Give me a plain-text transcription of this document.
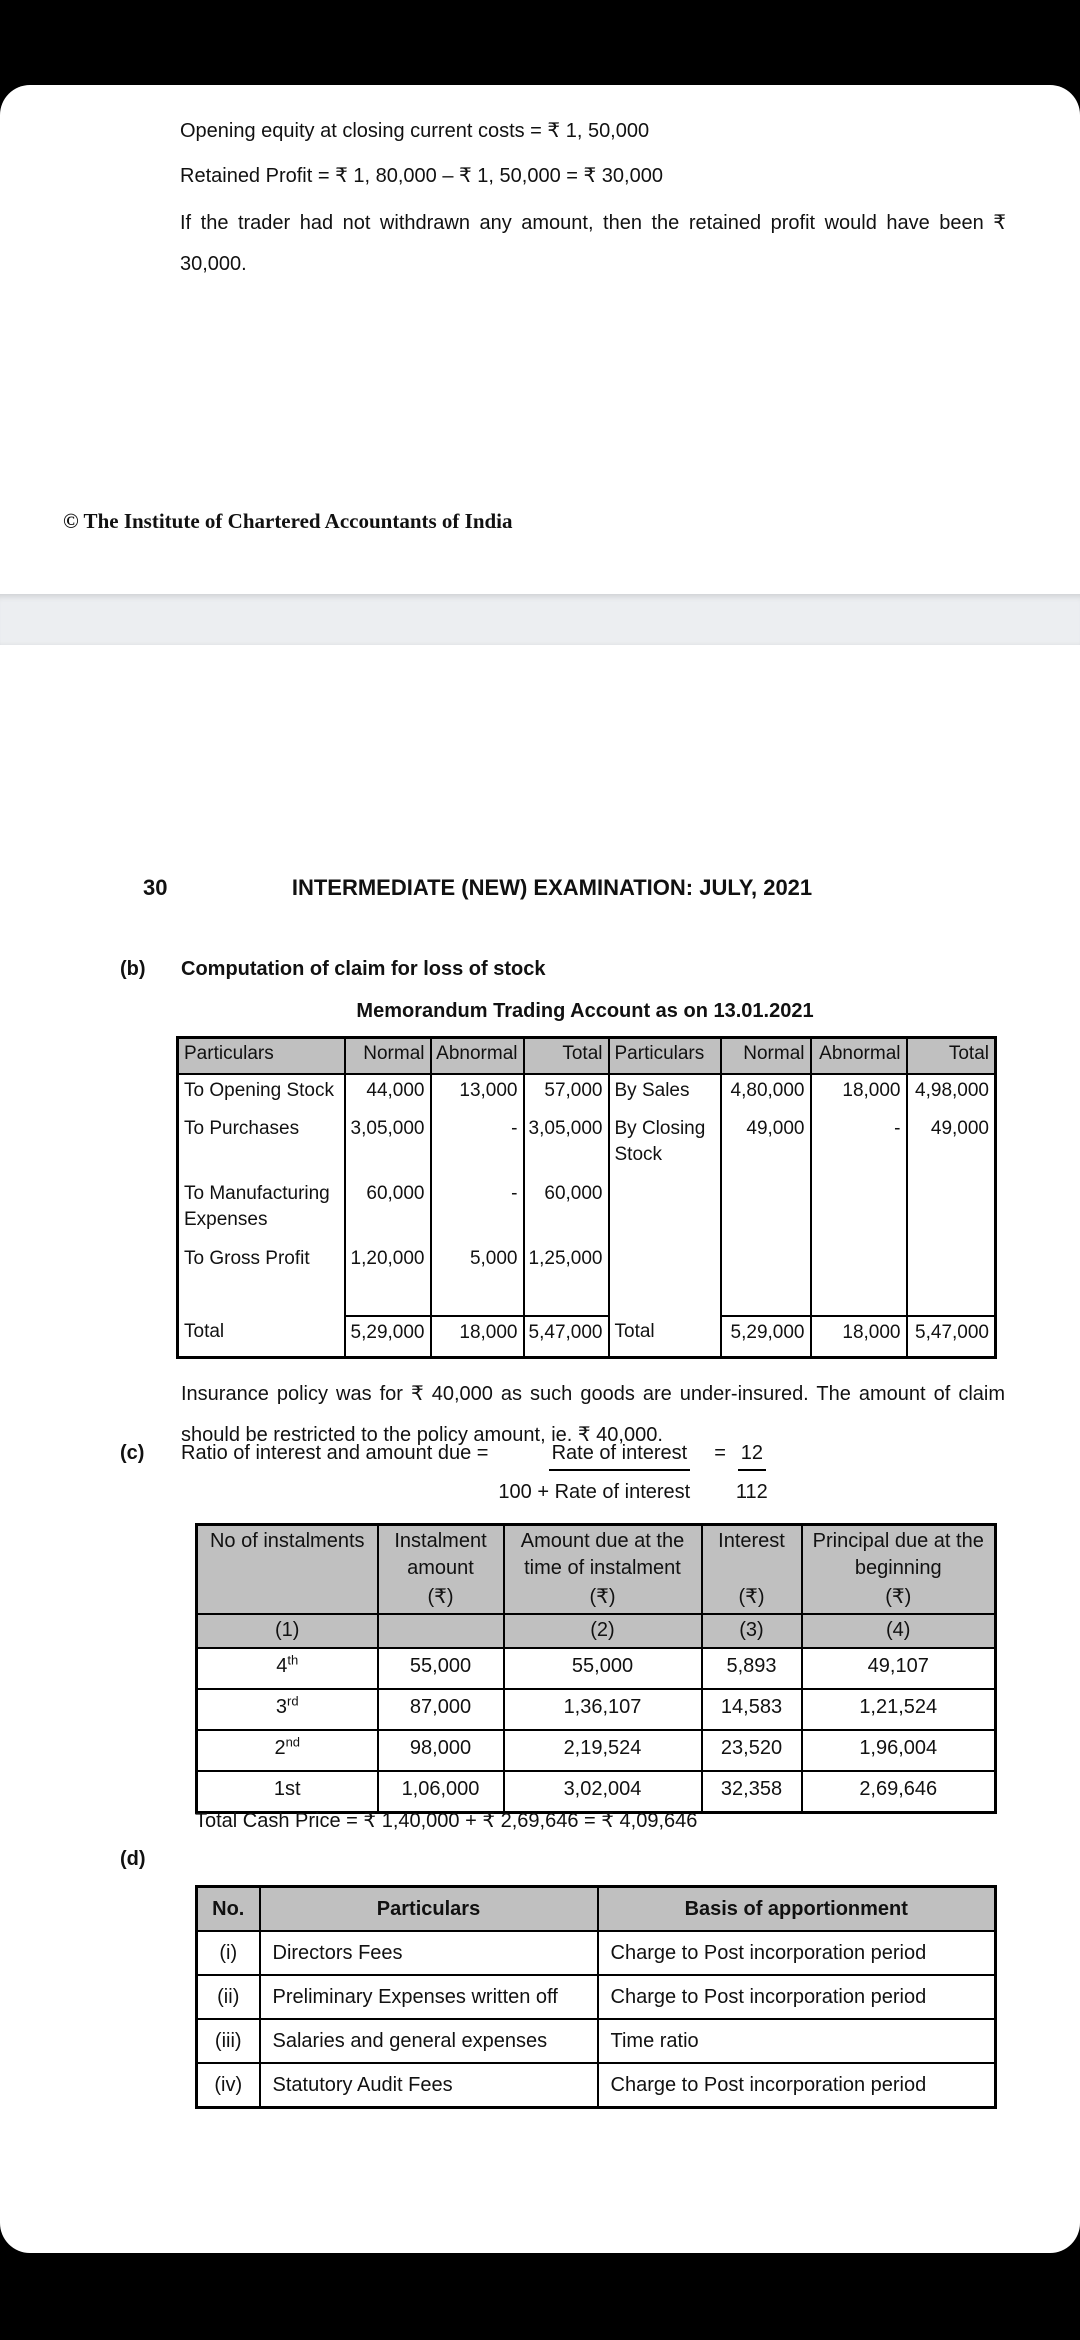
Opening equity at closing current costs = ₹ 1, 50,000
Retained Profit = ₹ 1, 80,000 – ₹ 1, 50,000 = ₹ 30,000
If the trader had not withdrawn any amount, then the retained profit would have been ₹ 30,000.
© The Institute of Chartered Accountants of India
30	INTERMEDIATE (NEW) EXAMINATION: JULY, 2021
(b) Computation of claim for loss of stock
Memorandum Trading Account as on 13.01.2021
Particulars	Normal	Abnormal	Total	Particulars	Normal	Abnormal	Total
To Opening Stock	44,000	13,000	57,000	By Sales	4,80,000	18,000	4,98,000
To Purchases	3,05,000	-	3,05,000	By Closing Stock	49,000	-	49,000
To Manufacturing Expenses	60,000	-	60,000				
To Gross Profit	1,20,000	5,000	1,25,000				

Total	5,29,000	18,000	5,47,000	Total	5,29,000	18,000	5,47,000
Insurance policy was for ₹ 40,000 as such goods are under-insured. The amount of claim should be restricted to the policy amount, ie. ₹ 40,000.
(c)	Ratio of interest and amount due = $\frac{\text{Rate of interest}}{\text{100 + Rate of interest}} = \frac{12}{112}$
No of instalments	Instalment amount
(₹)

Amount due at the time of instalment
(₹)

Interest
(₹)

Principal due at the beginning
(₹)

(1)		(2)	(3)	(4)
4th	55,000	55,000	5,893	49,107
3rd	87,000	1,36,107	14,583	1,21,524
2nd	98,000	2,19,524	23,520	1,96,004
1st	1,06,000	3,02,004	32,358	2,69,646
Total Cash Price = ₹ 1,40,000 + ₹ 2,69,646 = ₹ 4,09,646
(d)
No.	Particulars	Basis of apportionment
(i)	Directors Fees	Charge to Post incorporation period
(ii)	Preliminary Expenses written off	Charge to Post incorporation period
(iii)	Salaries and general expenses	Time ratio
(iv)	Statutory Audit Fees	Charge to Post incorporation period
